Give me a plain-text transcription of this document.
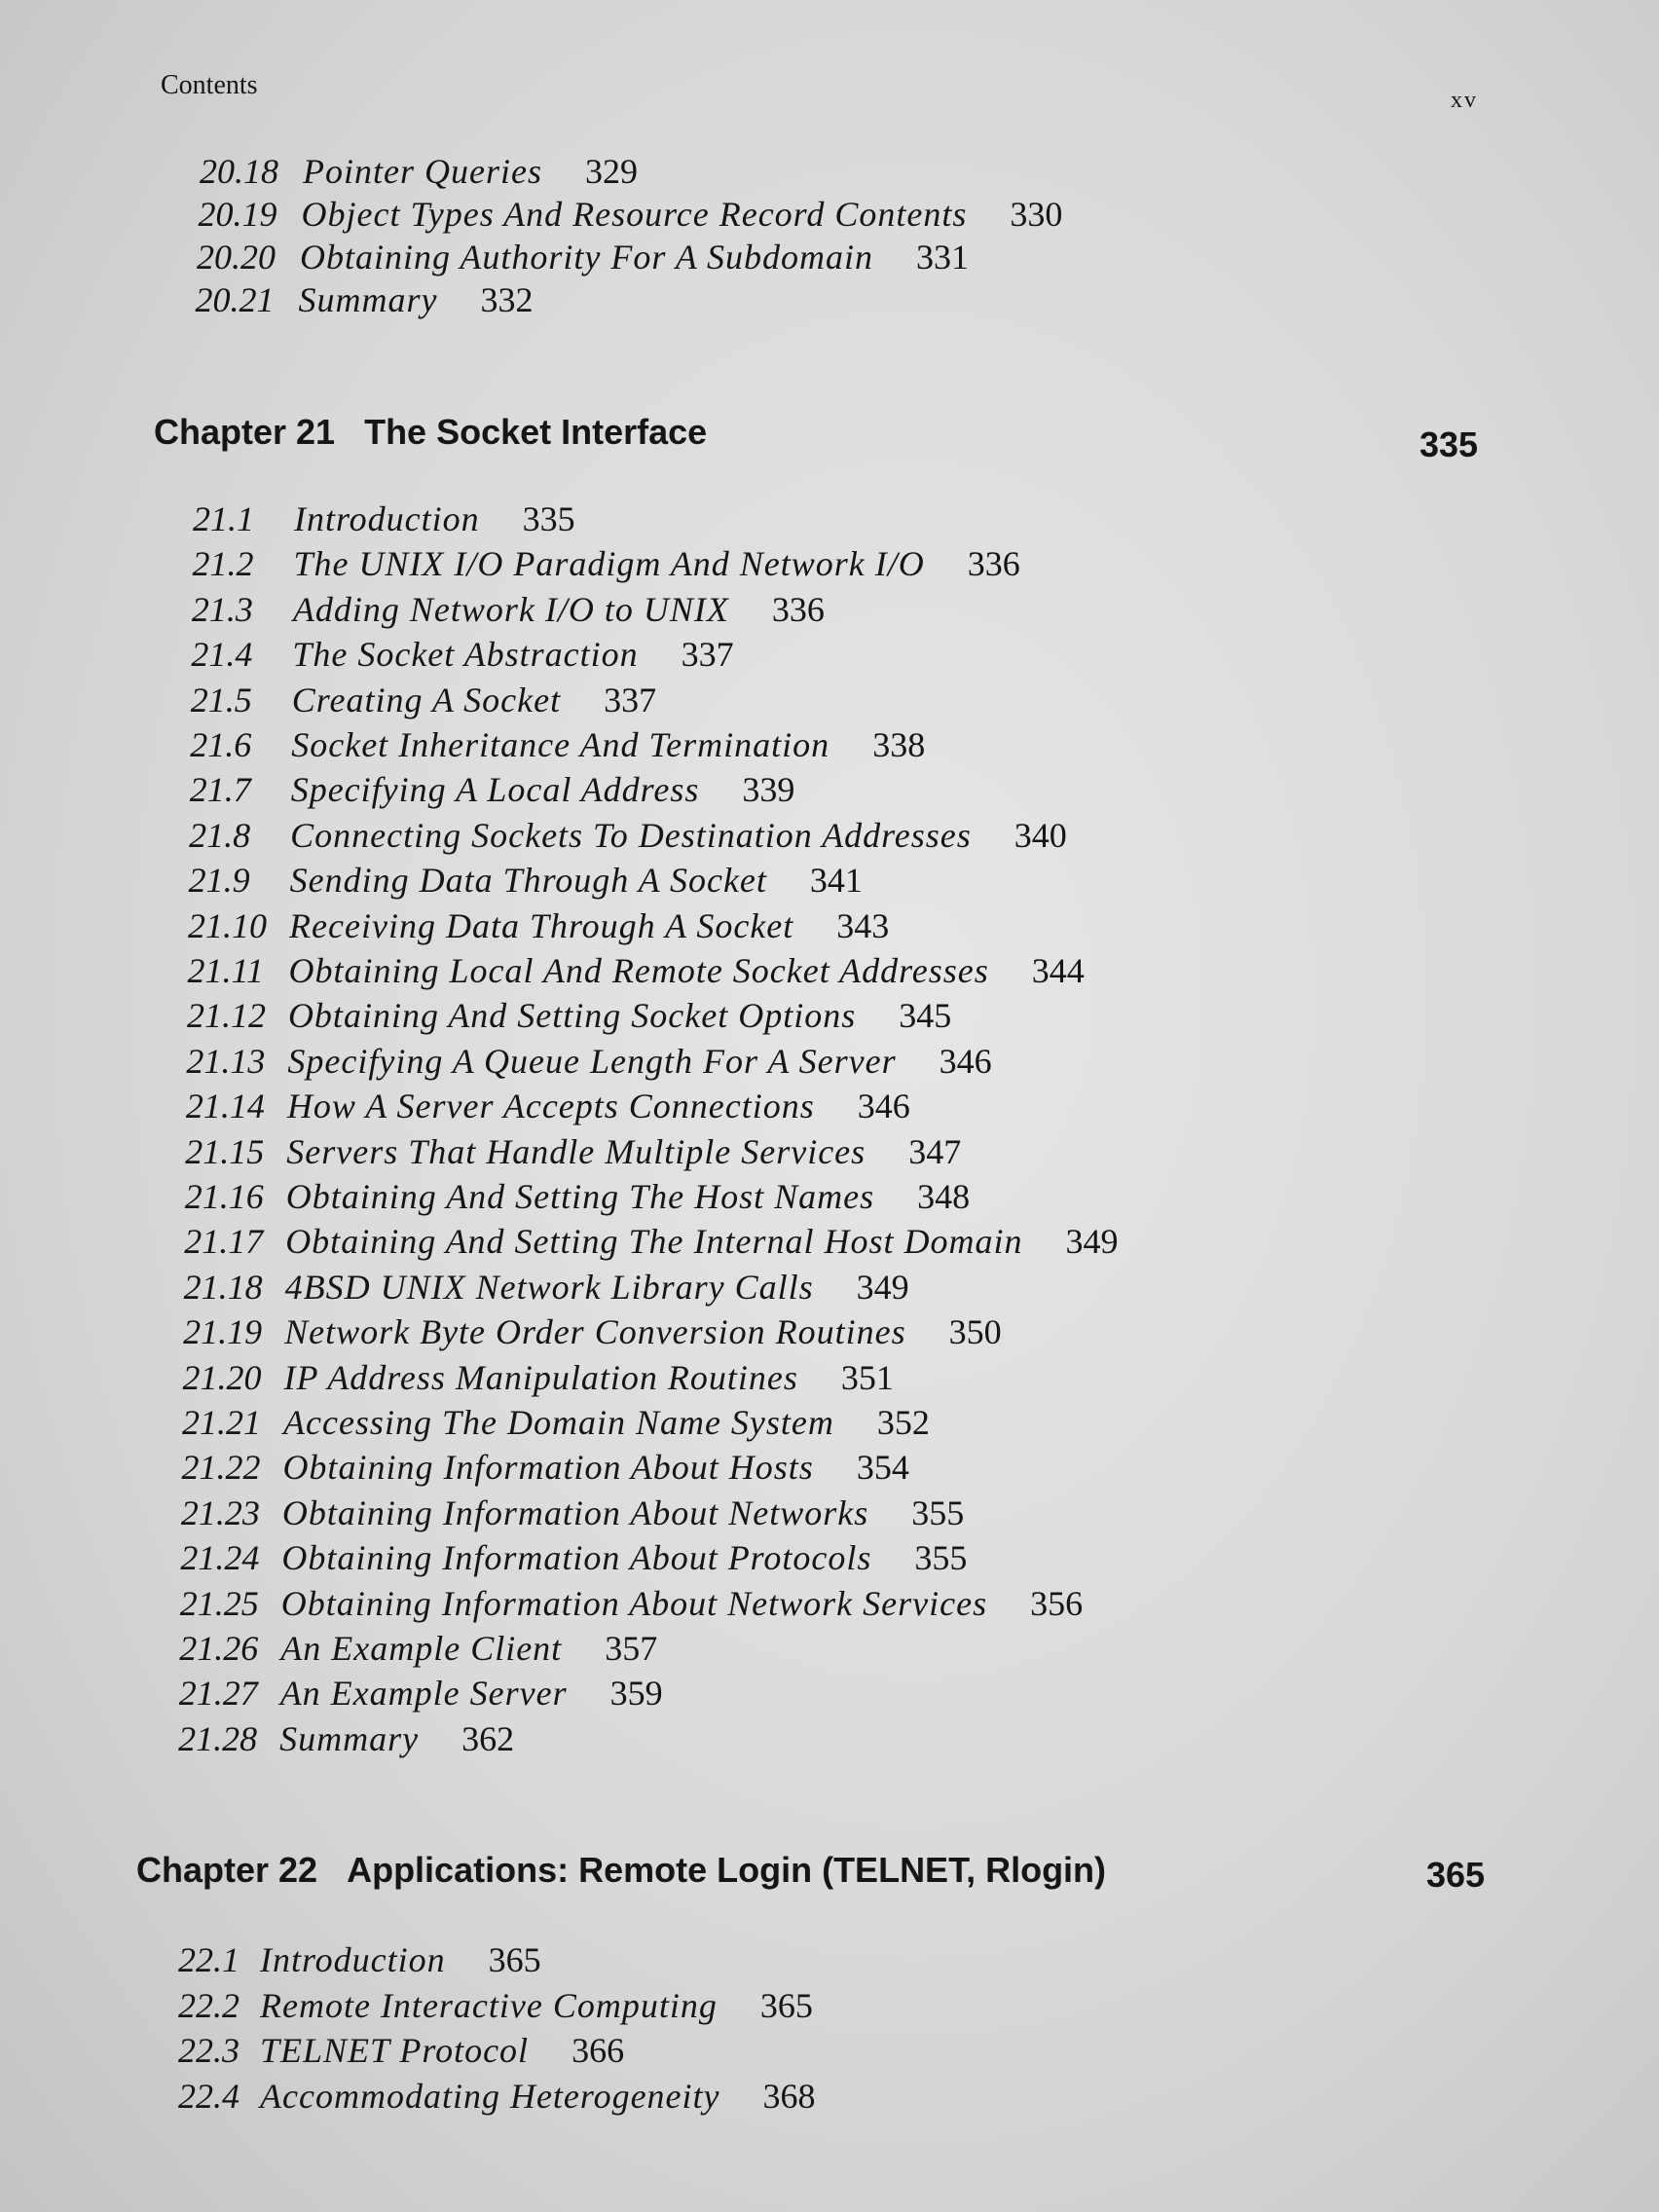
Contents	xv
20.18 Pointer Queries 329
20.19 Object Types And Resource Record Contents 330
20.20 Obtaining Authority For A Subdomain 331
20.21 Summary 332
Chapter 21 The Socket Interface	335
21.1 Introduction 335
21.2 The UNIX I/O Paradigm And Network I/O 336
21.3 Adding Network I/O to UNIX 336
21.4 The Socket Abstraction 337
21.5 Creating A Socket 337
21.6 Socket Inheritance And Termination 338
21.7 Specifying A Local Address 339
21.8 Connecting Sockets To Destination Addresses 340
21.9 Sending Data Through A Socket 341
21.10 Receiving Data Through A Socket 343
21.11 Obtaining Local And Remote Socket Addresses 344
21.12 Obtaining And Setting Socket Options 345
21.13 Specifying A Queue Length For A Server 346
21.14 How A Server Accepts Connections 346
21.15 Servers That Handle Multiple Services 347
21.16 Obtaining And Setting The Host Names 348
21.17 Obtaining And Setting The Internal Host Domain 349
21.18 4BSD UNIX Network Library Calls 349
21.19 Network Byte Order Conversion Routines 350
21.20 IP Address Manipulation Routines 351
21.21 Accessing The Domain Name System 352
21.22 Obtaining Information About Hosts 354
21.23 Obtaining Information About Networks 355
21.24 Obtaining Information About Protocols 355
21.25 Obtaining Information About Network Services 356
21.26 An Example Client 357
21.27 An Example Server 359
21.28 Summary 362
Chapter 22 Applications: Remote Login (TELNET, Rlogin)	365
22.1 Introduction 365
22.2 Remote Interactive Computing 365
22.3 TELNET Protocol 366
22.4 Accommodating Heterogeneity 368
